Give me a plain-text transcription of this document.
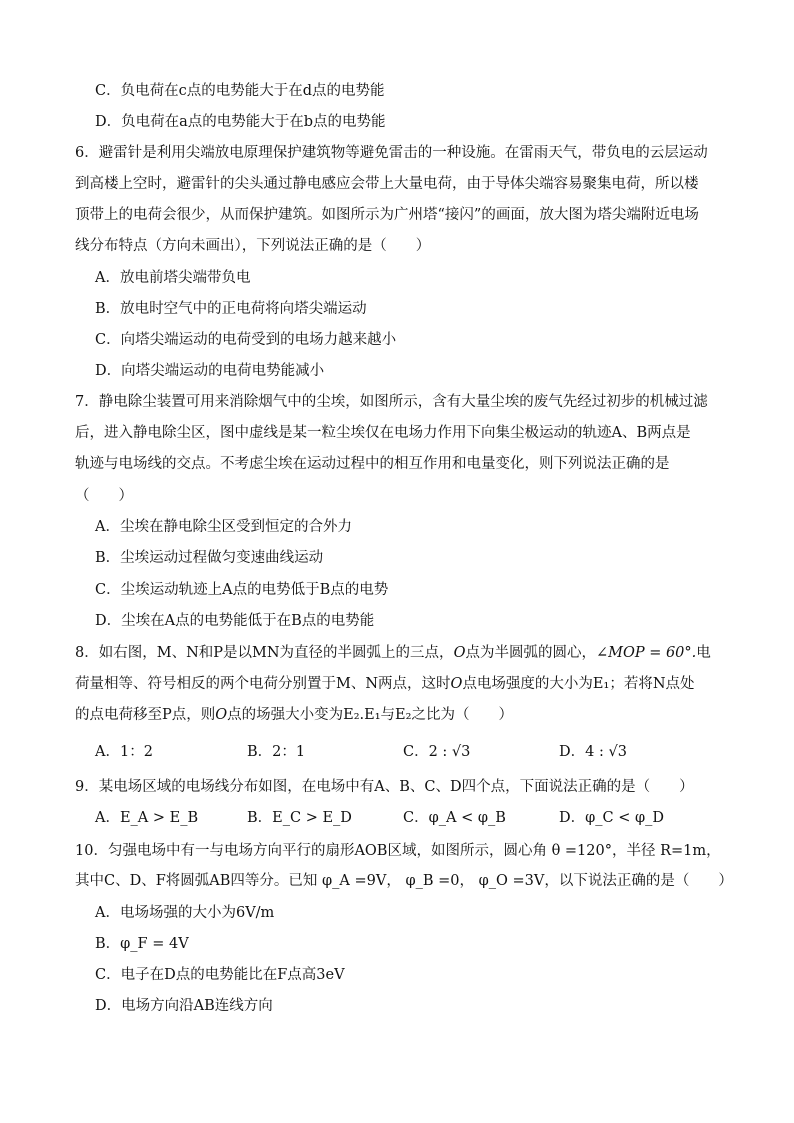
C．负电荷在c点的电势能大于在d点的电势能
D．负电荷在a点的电势能大于在b点的电势能
6．避雷针是利用尖端放电原理保护建筑物等避免雷击的一种设施。在雷雨天气，带负电的云层运动
到高楼上空时，避雷针的尖头通过静电感应会带上大量电荷，由于导体尖端容易聚集电荷，所以楼
顶带上的电荷会很少，从而保护建筑。如图所示为广州塔“接闪”的画面，放大图为塔尖端附近电场
线分布特点（方向未画出），下列说法正确的是（　　）
A．放电前塔尖端带负电
B．放电时空气中的正电荷将向塔尖端运动
C．向塔尖端运动的电荷受到的电场力越来越小
D．向塔尖端运动的电荷电势能减小
7．静电除尘装置可用来消除烟气中的尘埃，如图所示，含有大量尘埃的废气先经过初步的机械过滤
后，进入静电除尘区，图中虚线是某一粒尘埃仅在电场力作用下向集尘极运动的轨迹A、B两点是
轨迹与电场线的交点。不考虑尘埃在运动过程中的相互作用和电量变化，则下列说法正确的是
（　　）
A．尘埃在静电除尘区受到恒定的合外力
B．尘埃运动过程做匀变速曲线运动
C．尘埃运动轨迹上A点的电势低于B点的电势
D．尘埃在A点的电势能低于在B点的电势能
8．如右图，M、N和P是以MN为直径的半圆弧上的三点，O点为半圆弧的圆心，∠MOP = 60°.电
荷量相等、符号相反的两个电荷分别置于M、N两点，这时O点电场强度的大小为E₁；若将N点处
的点电荷移至P点，则O点的场强大小变为E₂.E₁与E₂之比为（　　）
A．1：2	B．2：1	C．2 : √3	D．4 : √3
9．某电场区域的电场线分布如图，在电场中有A、B、C、D四个点，下面说法正确的是（　　）
A．E_A > E_B	B．E_C > E_D	C．φ_A < φ_B	D．φ_C < φ_D
10．匀强电场中有一与电场方向平行的扇形AOB区域，如图所示，圆心角 θ =120°，半径 R=1m，
其中C、D、F将圆弧AB四等分。已知 φ_A =9V， φ_B =0， φ_O =3V，以下说法正确的是（　　）
A．电场场强的大小为6V/m
B．φ_F = 4V
C．电子在D点的电势能比在F点高3eV
D．电场方向沿AB连线方向
